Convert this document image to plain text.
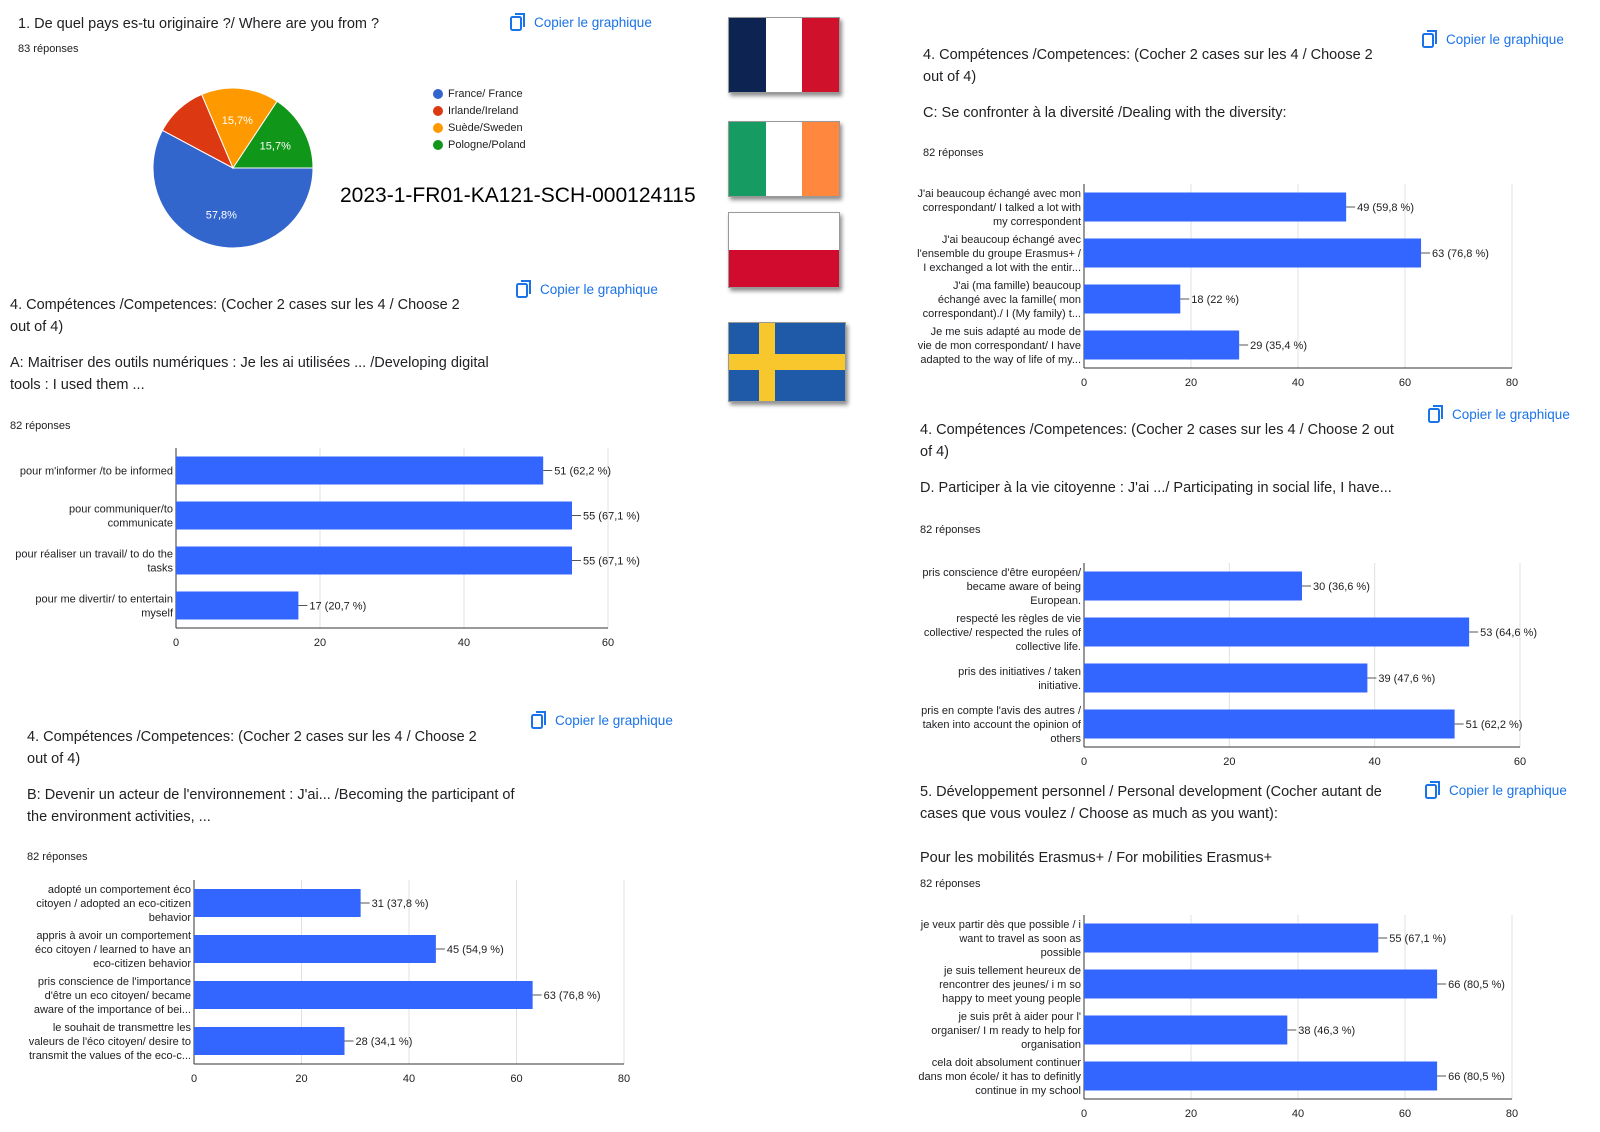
1. De quel pays es-tu originaire ?/ Where are you from ?
83 réponses
Copier le graphique
57,8%
15,7%
15,7%
France/ France
Irlande/Ireland
Suède/Sweden
Pologne/Poland
2023-1-FR01-KA121-SCH-000124115
Copier le graphique
4. Compétences /Competences: (Cocher 2 cases sur les 4 / Choose 2 out of 4)
A: Maitriser des outils numériques : Je les ai utilisées ... /Developing digital tools : I used them ...
82 réponses
0	20	40	60
51 (62,2 %)
pour m'informer /to be informed
55 (67,1 %)
pour communiquer/to
communicate
55 (67,1 %)
pour réaliser un travail/ to do the
tasks
17 (20,7 %)
pour me divertir/ to entertain
myself
Copier le graphique
4. Compétences /Competences: (Cocher 2 cases sur les 4 / Choose 2 out of 4)
B: Devenir un acteur de l'environnement : J'ai... /Becoming the participant of the environment activities, ...
82 réponses
0	20	40	60	80
31 (37,8 %)
adopté un comportement éco
citoyen / adopted an eco-citizen
behavior
45 (54,9 %)
appris à avoir un comportement
éco citoyen / learned to have an
eco-citizen behavior
63 (76,8 %)
pris conscience de l'importance
d'être un eco citoyen/ became
aware of the importance of bei...
28 (34,1 %)
le souhait de transmettre les
valeurs de l'éco citoyen/ desire to
transmit the values of the eco-c...
Copier le graphique
4. Compétences /Competences: (Cocher 2 cases sur les 4 / Choose 2 out of 4)
C: Se confronter à la diversité /Dealing with the diversity:
82 réponses
0	20	40	60	80
49 (59,8 %)
J'ai beaucoup échangé avec mon
correspondant/ I talked a lot with
my correspondent
63 (76,8 %)
J'ai beaucoup échangé avec
l'ensemble du groupe Erasmus+ /
I exchanged a lot with the entir...
18 (22 %)
J'ai (ma famille) beaucoup
échangé avec la famille( mon
correspondant)./ I (My family) t...
29 (35,4 %)
Je me suis adapté au mode de
vie de mon correspondant/ I have
adapted to the way of life of my...
Copier le graphique
4. Compétences /Competences: (Cocher 2 cases sur les 4 / Choose 2 out of 4)
D. Participer à la vie citoyenne : J'ai .../ Participating in social life, I have...
82 réponses
0	20	40	60
30 (36,6 %)
pris conscience d'être européen/
became aware of being
European.
53 (64,6 %)
respecté les règles de vie
collective/ respected the rules of
collective life.
39 (47,6 %)
pris des initiatives / taken
initiative.
51 (62,2 %)
pris en compte l'avis des autres /
taken into account the opinion of
others
Copier le graphique
5. Développement personnel / Personal development (Cocher autant de cases que vous voulez / Choose as much as you want):
Pour les mobilités Erasmus+ / For mobilities Erasmus+
82 réponses
0	20	40	60	80
55 (67,1 %)
je veux partir dès que possible / i
want to travel as soon as
possible
66 (80,5 %)
je suis tellement heureux de
rencontrer des jeunes/ i m so
happy to meet young people
38 (46,3 %)
je suis prêt à aider pour l'
organiser/ I m ready to help for
organisation
66 (80,5 %)
cela doit absolument continuer
dans mon école/ it has to definitly
continue in my school
